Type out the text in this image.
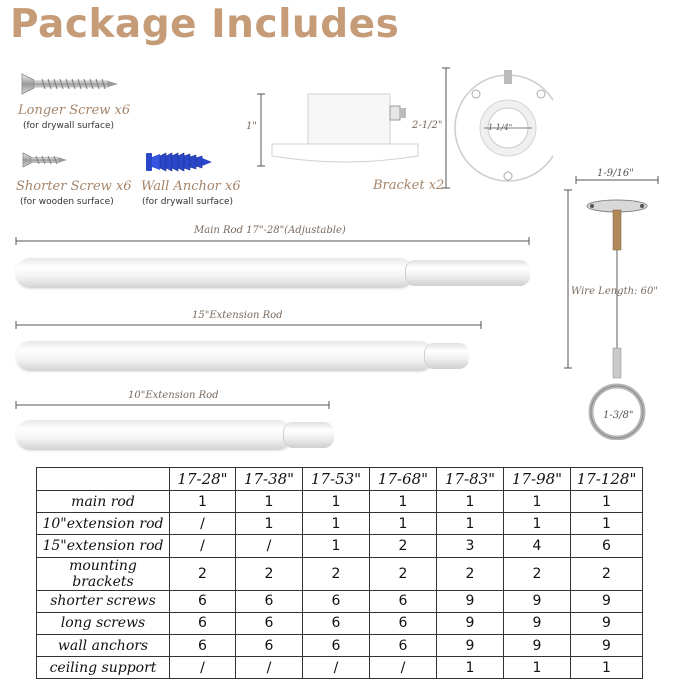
Package Includes
Longer Screw x6
(for drywall surface)
Shorter Screw x6
(for wooden surface)
Wall Anchor x6
(for drywall surface)
1"	2-1/2"
Bracket x2
1-1/4"
1-9/16"
Wire Length: 60"
1-3/8"
Main Rod 17"-28"(Adjustable)
15"Extension Rod
10"Extension Rod
	17-28"	17-38"	17-53"	17-68"	17-83"	17-98"	17-128"
main rod	1	1	1	1	1	1	1
10"extension rod	/	1	1	1	1	1	1
15"extension rod	/	/	1	2	3	4	6
mounting brackets	2	2	2	2	2	2	2
shorter screws	6	6	6	6	9	9	9
long screws	6	6	6	6	9	9	9
wall anchors	6	6	6	6	9	9	9
ceiling support	/	/	/	/	1	1	1
